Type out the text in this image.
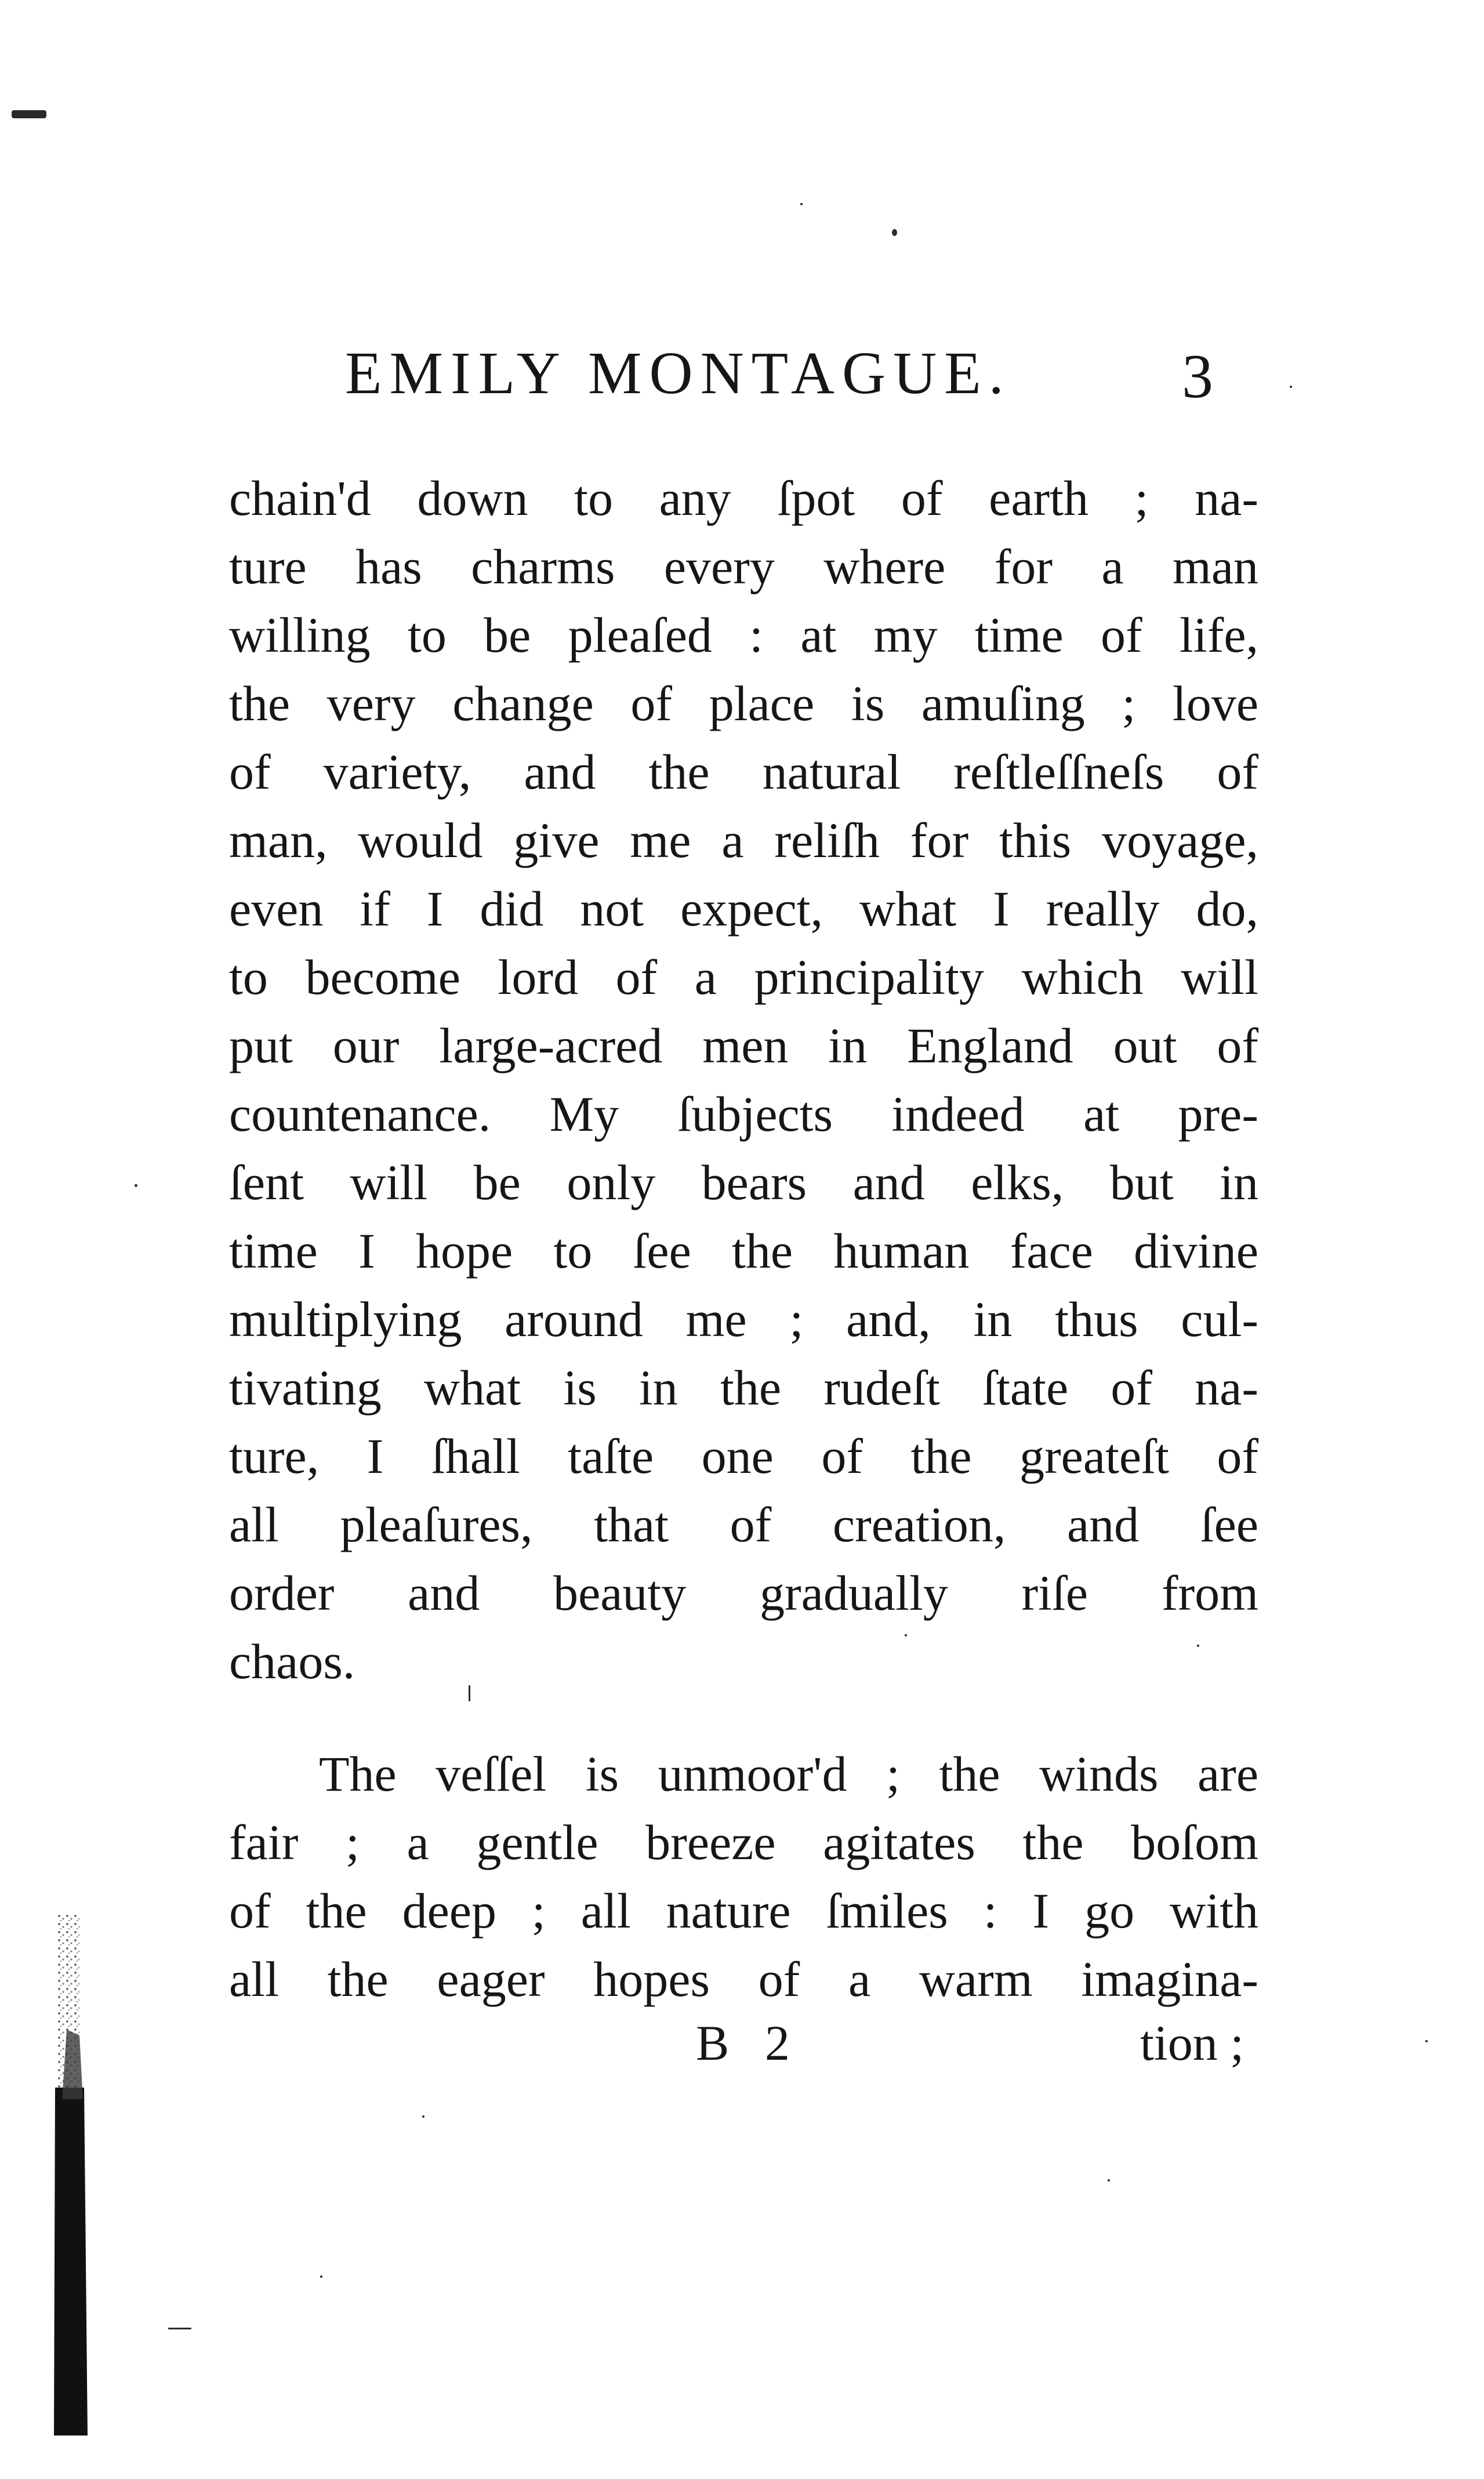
EMILY MONTAGUE.	3
chain'd down to any ſpot of earth ; na-
ture has charms every where for a man
willing to be pleaſed : at my time of life,
the very change of place is amuſing ; love
of variety, and the natural reſtleſſneſs of
man, would give me a reliſh for this voyage,
even if I did not expect, what I really do,
to become lord of a principality which will
put our large-acred men in England out of
countenance. My ſubjects indeed at pre-
ſent will be only bears and elks, but in
time I hope to ſee the human face divine
multiplying around me ; and, in thus cul-
tivating what is in the rudeſt ſtate of na-
ture, I ſhall taſte one of the greateſt of
all pleaſures, that of creation, and ſee
order and beauty gradually riſe from
chaos.
The veſſel is unmoor'd ; the winds are
fair ; a gentle breeze agitates the boſom
of the deep ; all nature ſmiles : I go with
all the eager hopes of a warm imagina-
B 2	tion ;
